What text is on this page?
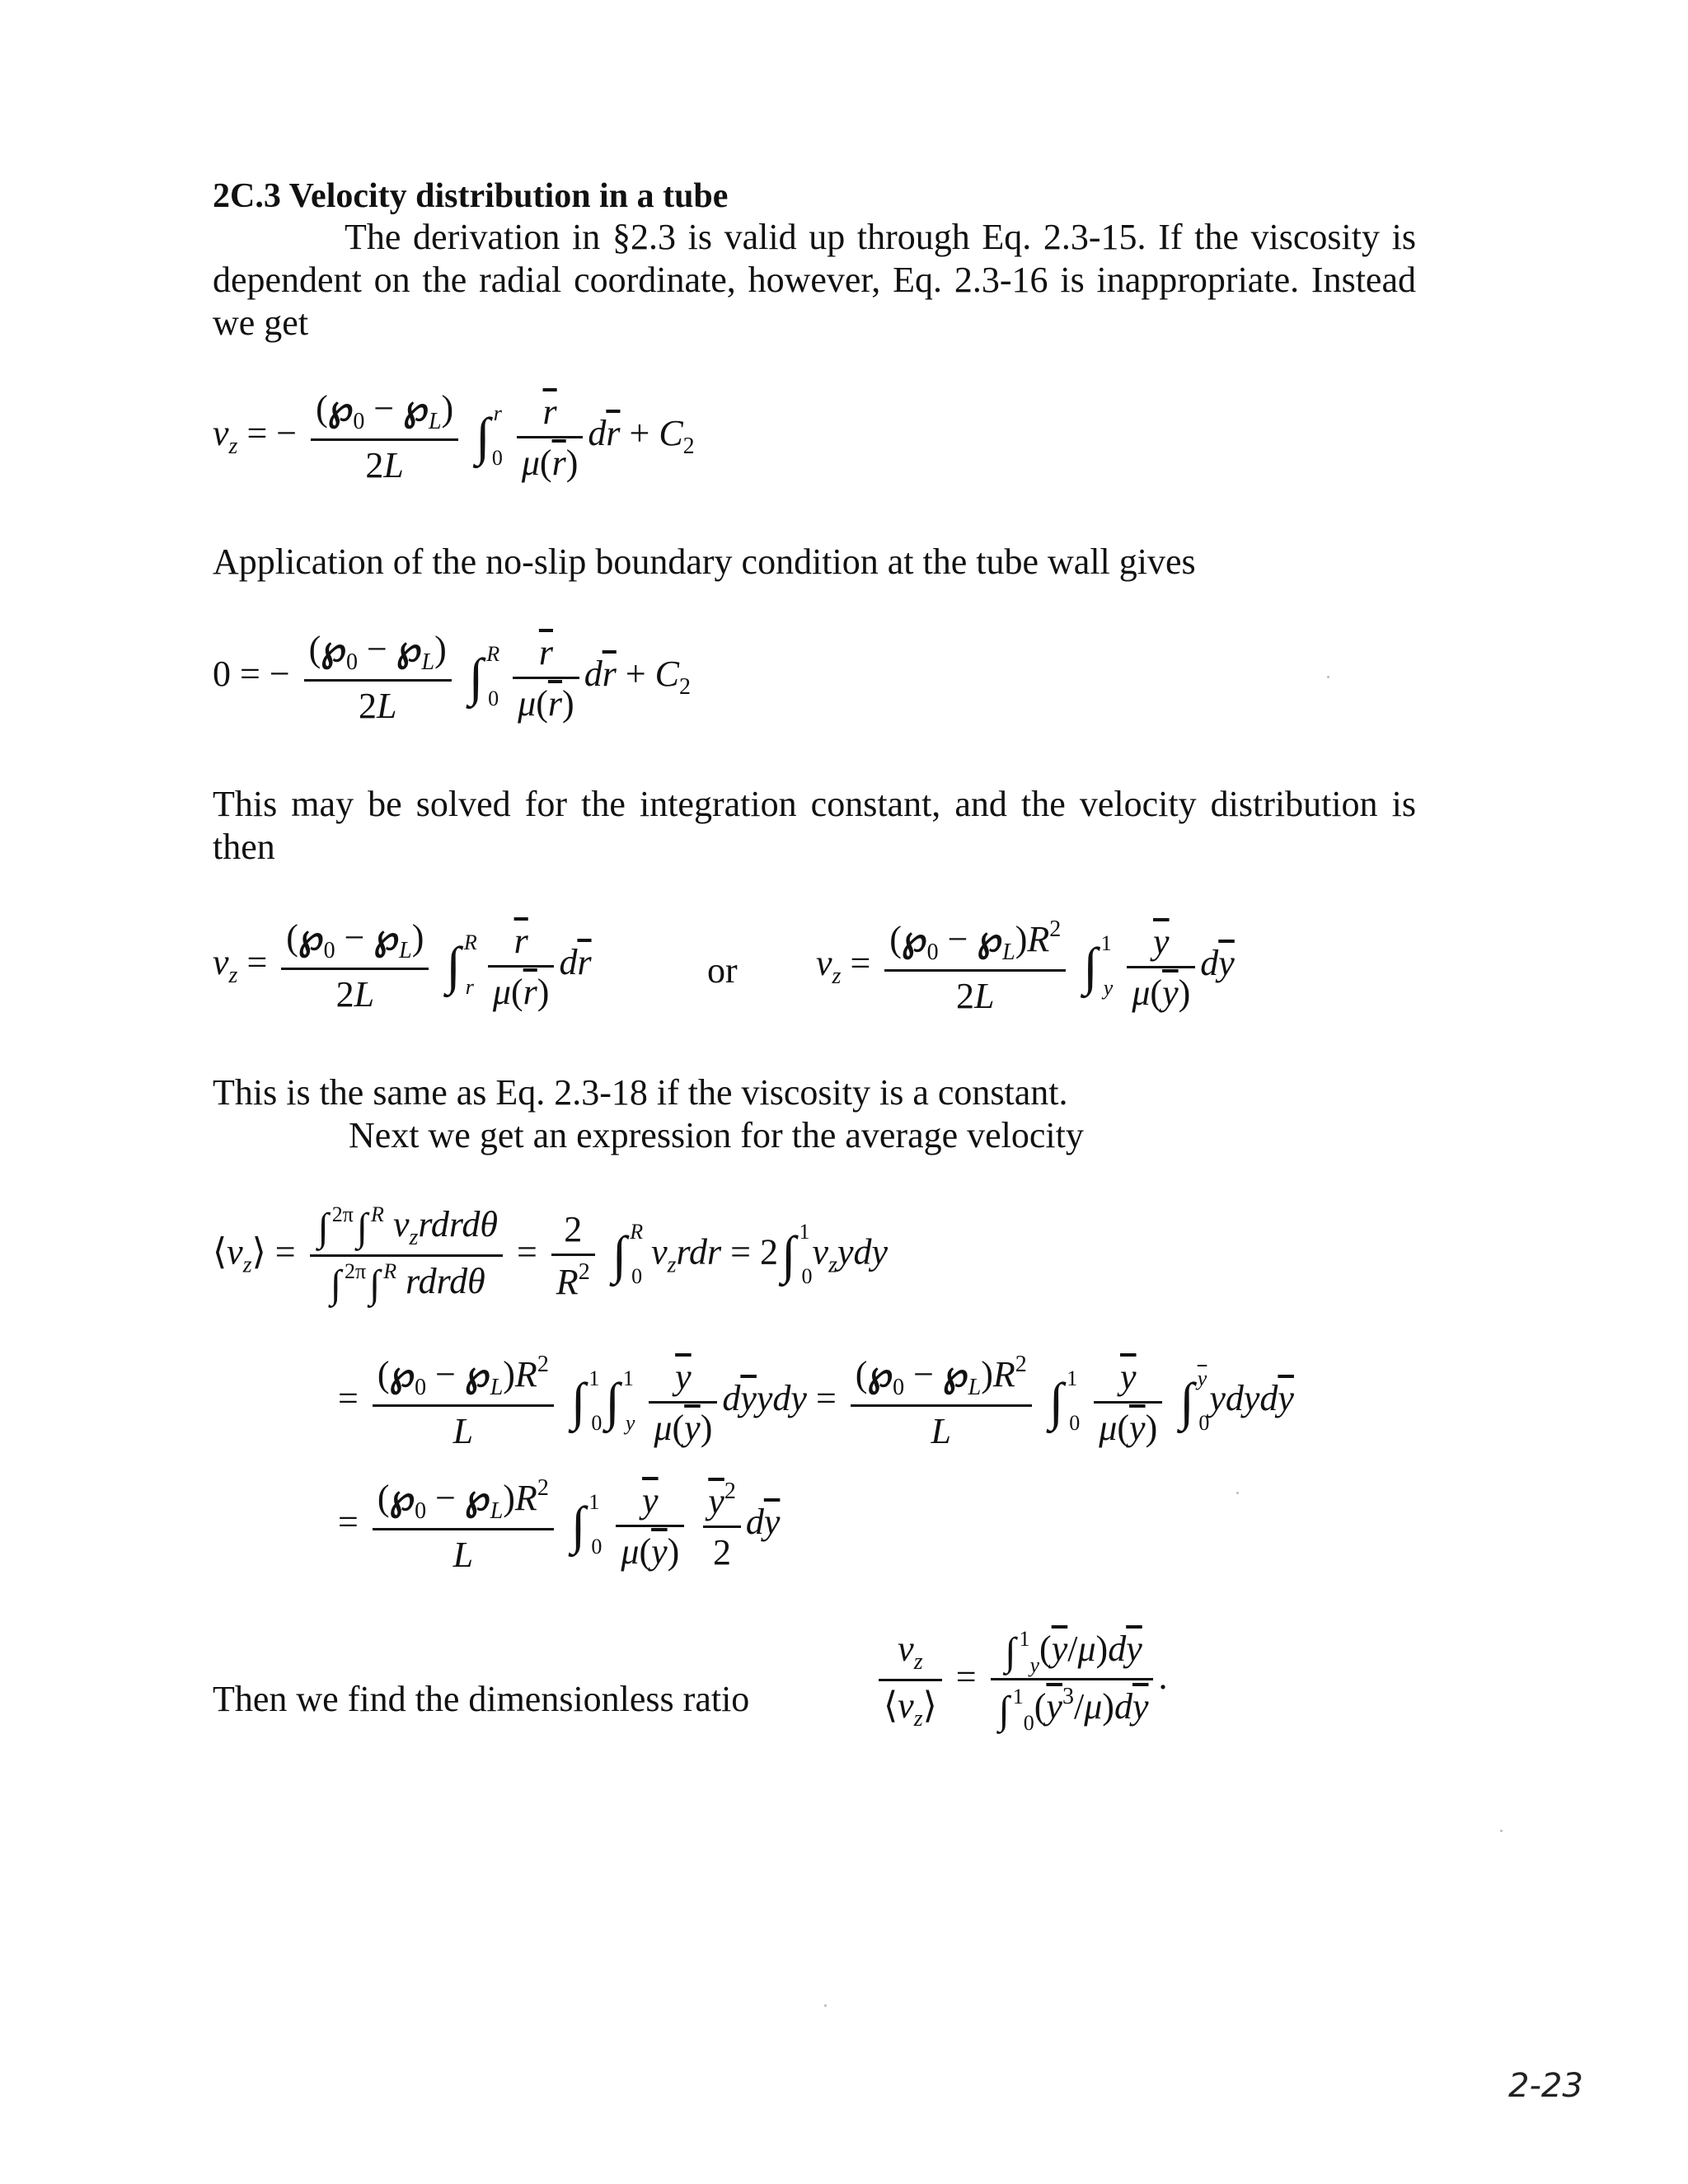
2C.3 Velocity distribution in a tube
The derivation in §2.3 is valid up through Eq. 2.3-15. If the viscosity is dependent on the radial coordinate, however, Eq. 2.3-16 is inappropriate. Instead we get
$v_z$ = − $\frac{(℘_0 - ℘_L)}{2L}$ ∫ $^r_0 \frac{\overline{r}}{\mu(\overline{r})} d\overline{r} + C_2$
Application of the no-slip boundary condition at the tube wall gives
0 = − $\frac{(℘_0 - ℘_L)}{2L}$ ∫ $^R_0 \frac{\overline{r}}{\mu(\overline{r})} d\overline{r} + C_2$
This may be solved for the integration constant, and the velocity distribution is then
$v_z = \frac{(℘_0 - ℘_L)}{2L}$ ∫ $^R_r \frac{\overline{r}}{\mu(\overline{r})} d\overline{r}$	or $v_z = \frac{(℘_0 - ℘_L)R^2}{2L}$ ∫ $^1_y \frac{\overline{y}}{\mu(\overline{y})} d\overline{y}$
This is the same as Eq. 2.3-18 if the viscosity is a constant.
Next we get an expression for the average velocity
$⟨v_z⟩ = \frac{\int ^{2\pi}\int ^R v_zrdrd\theta}{\int ^{2\pi}\int ^R rdrd\theta} = \frac{2}{R^2}$ ∫ $^R_0$ $v_zrdr = 2\int$ $^1_0v_zydy$
= $\frac{(℘_0 - ℘_L)R^2}{L}$ ∫ $^1_0$∫ $^1_y \frac{\overline{y}}{\mu(\overline{y})} d\overline{y}ydy = \frac{(℘_0 - ℘_L)R^2}{L}$ ∫ $^1_0 \frac{\overline{y}}{\mu(\overline{y})}$ ∫ $^{\overline{y}}_0ydyd\overline{y}$
= $\frac{(℘_0 - ℘_L)R^2}{L}$ ∫ $^1_0 \frac{\overline{y}}{\mu(\overline{y})}$
$\frac{\overline{y}^2}{2} d\overline{y}$
Then we find the dimensionless ratio	$\frac{v_z}{⟨v_z⟩} = \frac{\int ^1_y(\overline{y}/\mu)d\overline{y}}{\int ^1_0(\overline{y}^3/\mu)d\overline{y}}$ .
2-23
